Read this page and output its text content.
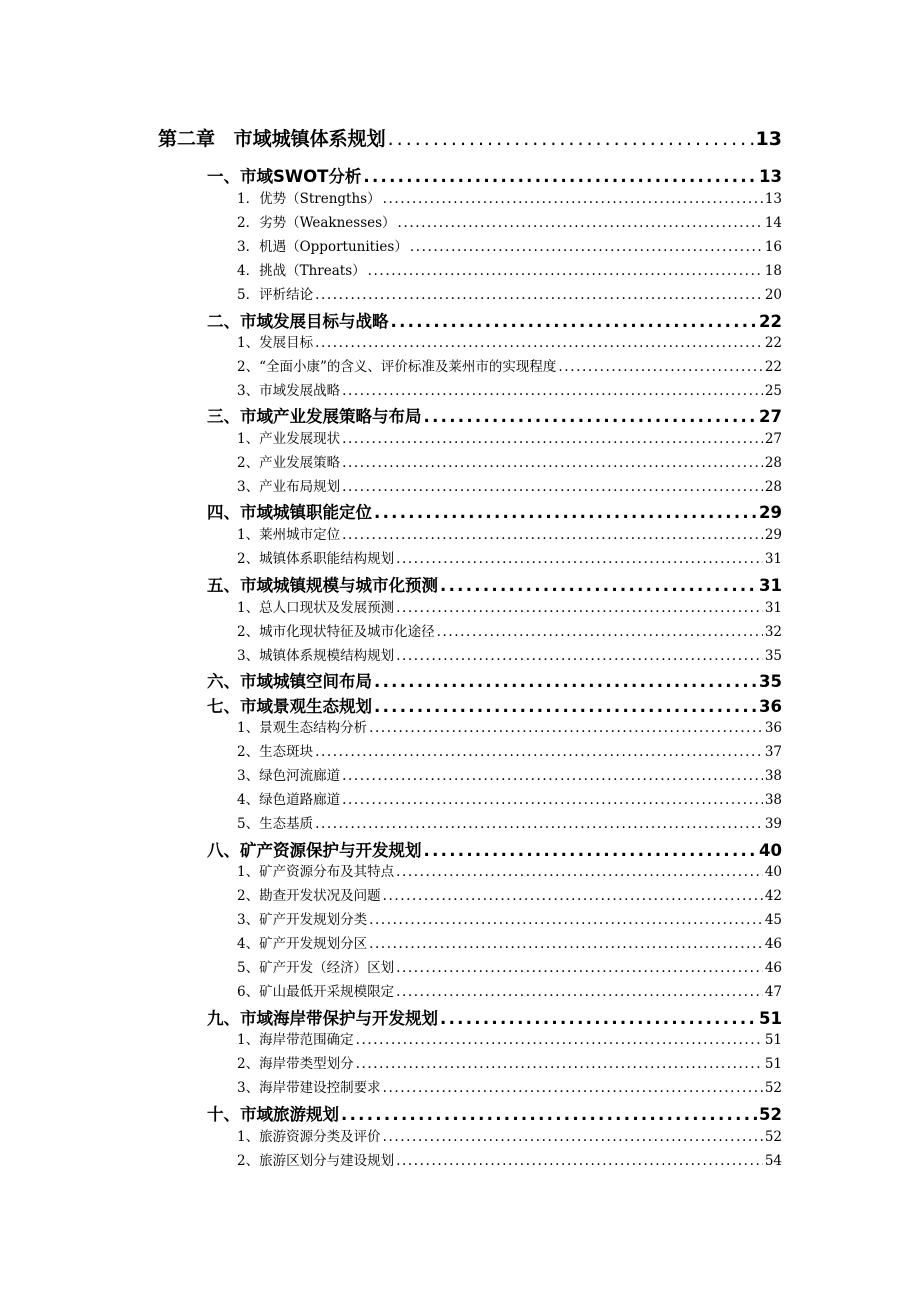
第二章 市域城镇体系规划 .....	13
一、市域SWOT分析 .....	13
1．优势（Strengths） .....	13
2．劣势（Weaknesses） .....	14
3．机遇（Opportunities） .....	16
4．挑战（Threats） .....	18
5．评析结论 .....	20
二、市域发展目标与战略 .....	22
1、发展目标 .....	22
2、“全面小康”的含义、评价标准及莱州市的实现程度 .....	22
3、市域发展战略 .....	25
三、市域产业发展策略与布局 .....	27
1、产业发展现状 .....	27
2、产业发展策略 .....	28
3、产业布局规划 .....	28
四、市域城镇职能定位 .....	29
1、莱州城市定位 .....	29
2、城镇体系职能结构规划 .....	31
五、市域城镇规模与城市化预测 .....	31
1、总人口现状及发展预测 .....	31
2、城市化现状特征及城市化途径 .....	32
3、城镇体系规模结构规划 .....	35
六、市域城镇空间布局 .....	35
七、市域景观生态规划 .....	36
1、景观生态结构分析 .....	36
2、生态斑块 .....	37
3、绿色河流廊道 .....	38
4、绿色道路廊道 .....	38
5、生态基质 .....	39
八、矿产资源保护与开发规划 .....	40
1、矿产资源分布及其特点 .....	40
2、勘查开发状况及问题 .....	42
3、矿产开发规划分类 .....	45
4、矿产开发规划分区 .....	46
5、矿产开发（经济）区划 .....	46
6、矿山最低开采规模限定 .....	47
九、市域海岸带保护与开发规划 .....	51
1、海岸带范围确定 .....	51
2、海岸带类型划分 .....	51
3、海岸带建设控制要求 .....	52
十、市域旅游规划 .....	52
1、旅游资源分类及评价 .....	52
2、旅游区划分与建设规划 .....	54
